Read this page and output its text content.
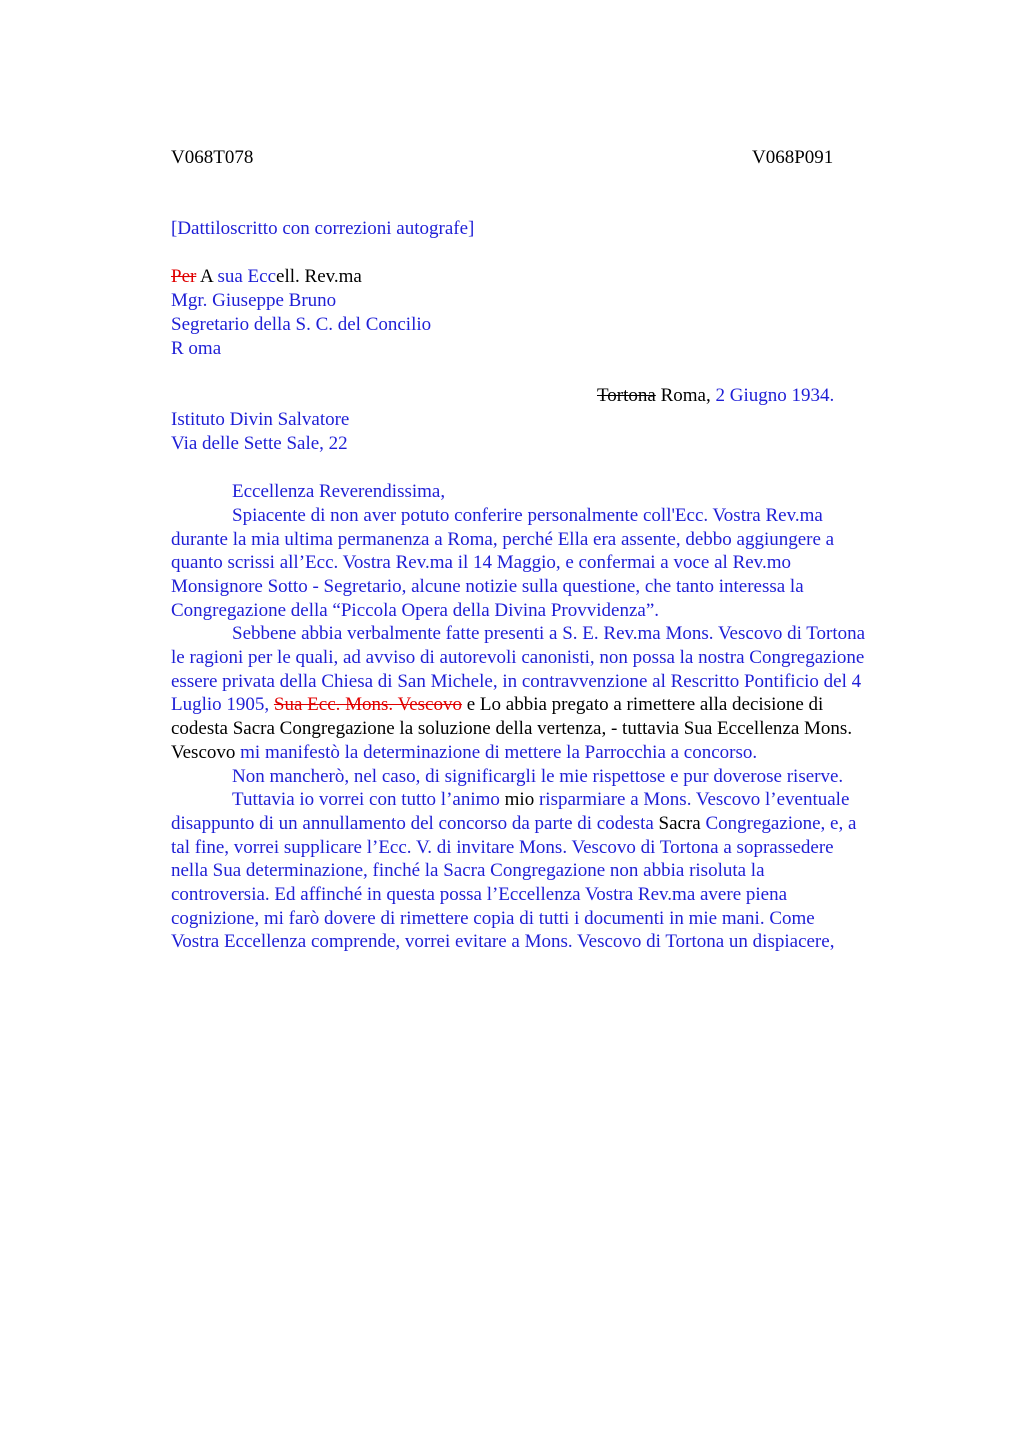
V068T078	V068P091
[Dattiloscritto con correzioni autografe]
Per A sua Eccell. Rev.ma
Mgr. Giuseppe Bruno
Segretario della S. C. del Concilio
R oma
Tortona Roma, 2 Giugno 1934.
Istituto Divin Salvatore
Via delle Sette Sale, 22
Eccellenza Reverendissima,
Spiacente di non aver potuto conferire personalmente coll'Ecc. Vostra Rev.ma
durante la mia ultima permanenza a Roma, perché Ella era assente, debbo aggiungere a
quanto scrissi all’Ecc. Vostra Rev.ma il 14 Maggio, e confermai a voce al Rev.mo
Monsignore Sotto - Segretario, alcune notizie sulla questione, che tanto interessa la
Congregazione della “Piccola Opera della Divina Provvidenza”.
Sebbene abbia verbalmente fatte presenti a S. E. Rev.ma Mons. Vescovo di Tortona
le ragioni per le quali, ad avviso di autorevoli canonisti, non possa la nostra Congregazione
essere privata della Chiesa di San Michele, in contravvenzione al Rescritto Pontificio del 4
Luglio 1905, Sua Ecc. Mons. Vescovo e Lo abbia pregato a rimettere alla decisione di
codesta Sacra Congregazione la soluzione della vertenza, - tuttavia Sua Eccellenza Mons.
Vescovo mi manifestò la determinazione di mettere la Parrocchia a concorso.
Non mancherò, nel caso, di significargli le mie rispettose e pur doverose riserve.
Tuttavia io vorrei con tutto l’animo mio risparmiare a Mons. Vescovo l’eventuale
disappunto di un annullamento del concorso da parte di codesta Sacra Congregazione, e, a
tal fine, vorrei supplicare l’Ecc. V. di invitare Mons. Vescovo di Tortona a soprassedere
nella Sua determinazione, finché la Sacra Congregazione non abbia risoluta la
controversia. Ed affinché in questa possa l’Eccellenza Vostra Rev.ma avere piena
cognizione, mi farò dovere di rimettere copia di tutti i documenti in mie mani. Come
Vostra Eccellenza comprende, vorrei evitare a Mons. Vescovo di Tortona un dispiacere,
